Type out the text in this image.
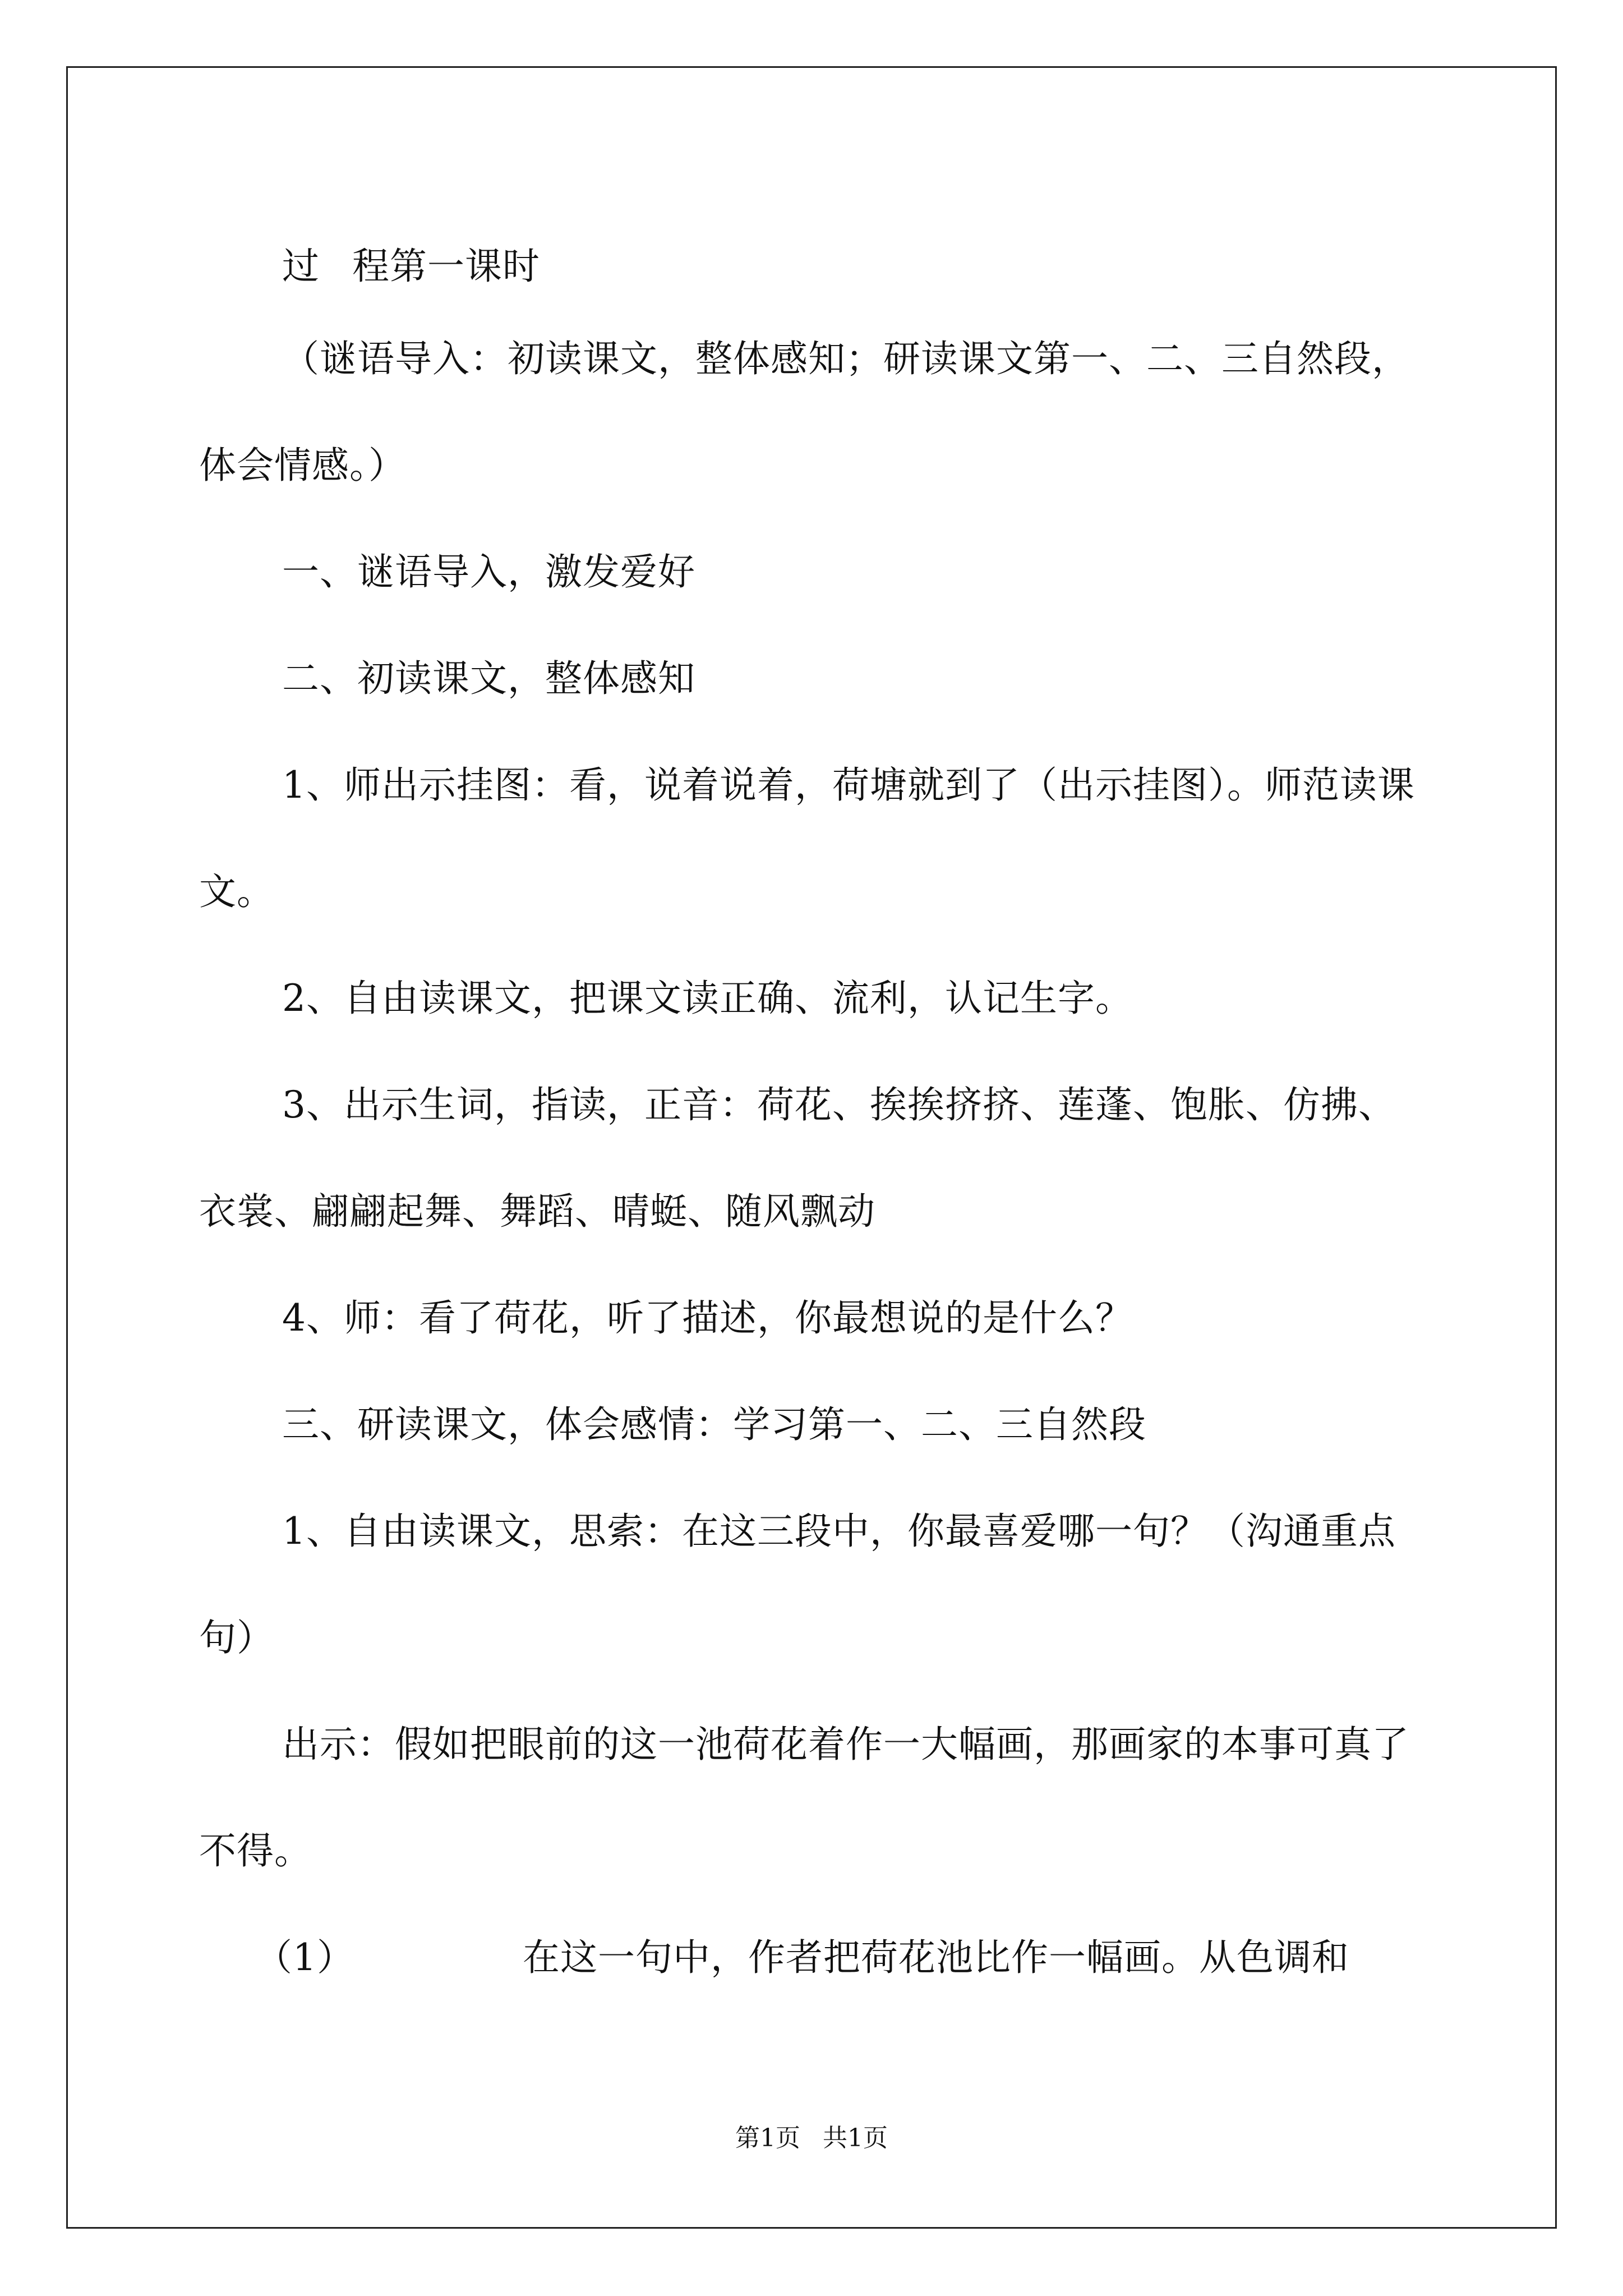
过 程第一课时

（谜语导入：初读课文，整体感知；研读课文第一、二、三自然段，体会情感。）

一、谜语导入，激发爱好

二、初读课文，整体感知

1、师出示挂图：看，说着说着，荷塘就到了（出示挂图）。师范读课文。

2、自由读课文，把课文读正确、流利，认记生字。

3、出示生词，指读，正音：荷花、挨挨挤挤、莲蓬、饱胀、仿拂、衣裳、翩翩起舞、舞蹈、晴蜓、随风飘动

4、师：看了荷花，听了描述，你最想说的是什么？

三、研读课文，体会感情：学习第一、二、三自然段

1、自由读课文，思索：在这三段中，你最喜爱哪一句？（沟通重点句）

出示：假如把眼前的这一池荷花着作一大幅画，那画家的本事可真了不得。

（1）	在这一句中，作者把荷花池比作一幅画。从色调和

第1页 共1页
